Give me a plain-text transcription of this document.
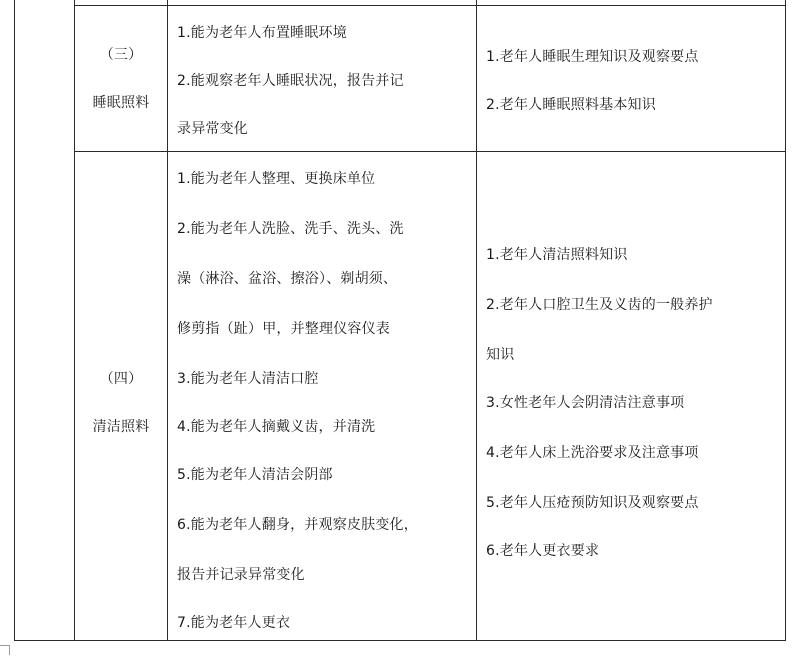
（三）
睡眠照料
1.能为老年人布置睡眠环境
2.能观察老年人睡眠状况，报告并记
录异常变化
1.老年人睡眠生理知识及观察要点
2.老年人睡眠照料基本知识
（四）
清洁照料
1.能为老年人整理、更换床单位
2.能为老年人洗脸、洗手、洗头、洗
澡（淋浴、盆浴、擦浴）、剃胡须、
修剪指（趾）甲，并整理仪容仪表
3.能为老年人清洁口腔
4.能为老年人摘戴义齿，并清洗
5.能为老年人清洁会阴部
6.能为老年人翻身，并观察皮肤变化，
报告并记录异常变化
7.能为老年人更衣
1.老年人清洁照料知识
2.老年人口腔卫生及义齿的一般养护
知识
3.女性老年人会阴清洁注意事项
4.老年人床上洗浴要求及注意事项
5.老年人压疮预防知识及观察要点
6.老年人更衣要求
